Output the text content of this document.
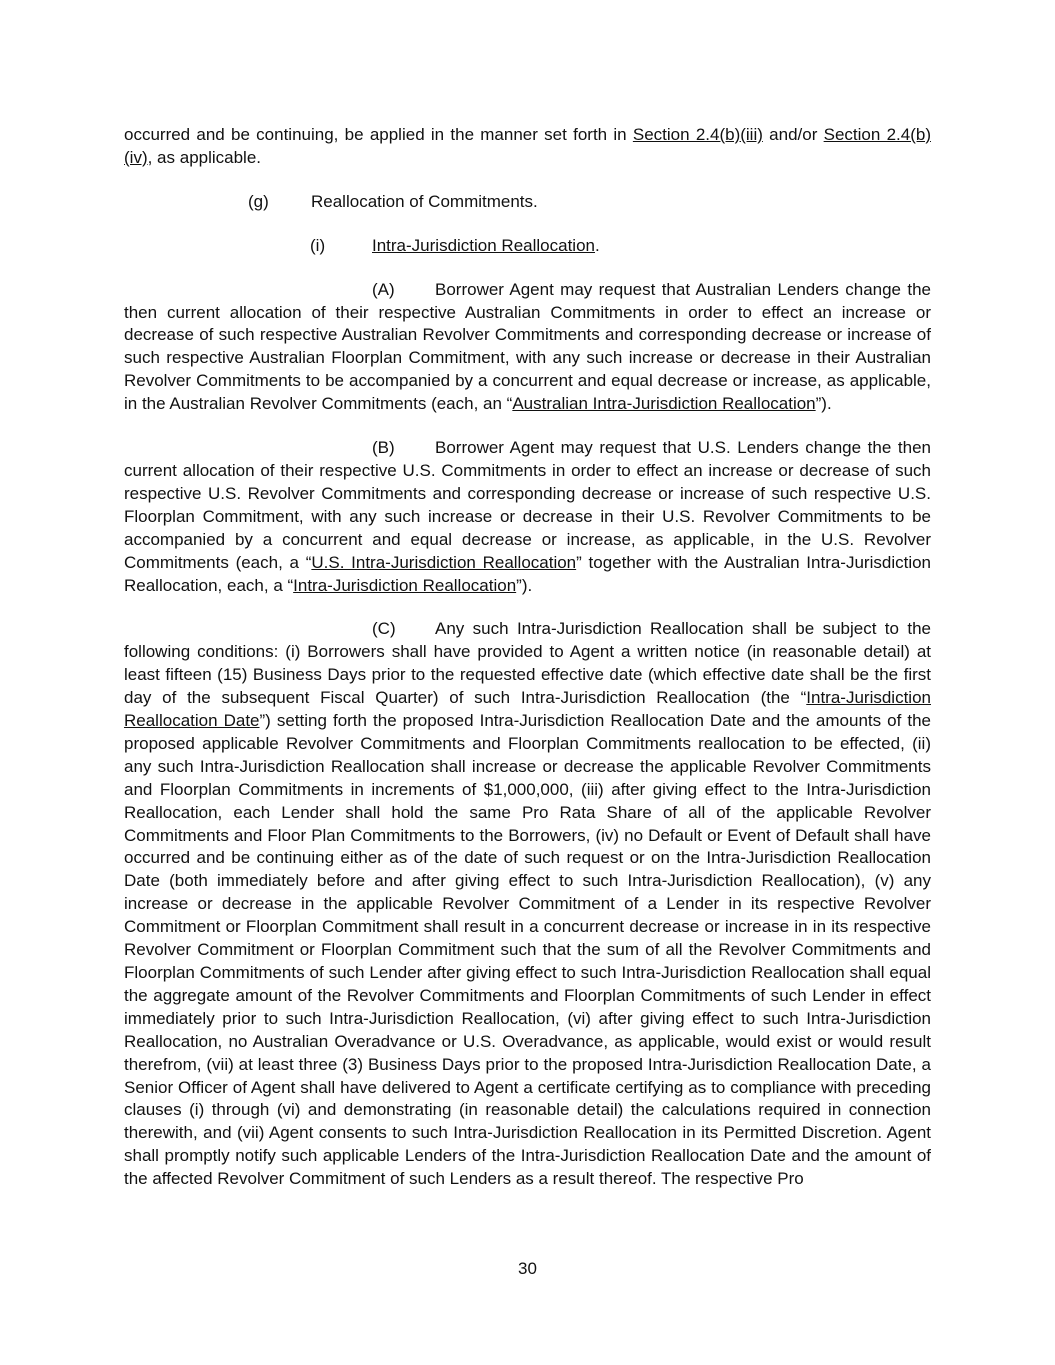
occurred and be continuing, be applied in the manner set forth in Section 2.4(b)(iii) and/or Section 2.4(b)(iv), as applicable.

(g) Reallocation of Commitments.

(i)	Intra-Jurisdiction Reallocation.

(A) Borrower Agent may request that Australian Lenders change the then current allocation of their respective Australian Commitments in order to effect an increase or decrease of such respective Australian Revolver Commitments and corresponding decrease or increase of such respective Australian Floorplan Commitment, with any such increase or decrease in their Australian Revolver Commitments to be accompanied by a concurrent and equal decrease or increase, as applicable, in the Australian Revolver Commitments (each, an “Australian Intra-Jurisdiction Reallocation”).

(B) Borrower Agent may request that U.S. Lenders change the then current allocation of their respective U.S. Commitments in order to effect an increase or decrease of such respective U.S. Revolver Commitments and corresponding decrease or increase of such respective U.S. Floorplan Commitment, with any such increase or decrease in their U.S. Revolver Commitments to be accompanied by a concurrent and equal decrease or increase, as applicable, in the U.S. Revolver Commitments (each, a “U.S. Intra-Jurisdiction Reallocation” together with the Australian Intra-Jurisdiction Reallocation, each, a “Intra-Jurisdiction Reallocation”).

(C) Any such Intra-Jurisdiction Reallocation shall be subject to the following conditions: (i) Borrowers shall have provided to Agent a written notice (in reasonable detail) at least fifteen (15) Business Days prior to the requested effective date (which effective date shall be the first day of the subsequent Fiscal Quarter) of such Intra-Jurisdiction Reallocation (the “Intra-Jurisdiction Reallocation Date”) setting forth the proposed Intra-Jurisdiction Reallocation Date and the amounts of the proposed applicable Revolver Commitments and Floorplan Commitments reallocation to be effected, (ii) any such Intra-Jurisdiction Reallocation shall increase or decrease the applicable Revolver Commitments and Floorplan Commitments in increments of $1,000,000, (iii) after giving effect to the Intra-Jurisdiction Reallocation, each Lender shall hold the same Pro Rata Share of all of the applicable Revolver Commitments and Floor Plan Commitments to the Borrowers, (iv) no Default or Event of Default shall have occurred and be continuing either as of the date of such request or on the Intra-Jurisdiction Reallocation Date (both immediately before and after giving effect to such Intra-Jurisdiction Reallocation), (v) any increase or decrease in the applicable Revolver Commitment of a Lender in its respective Revolver Commitment or Floorplan Commitment shall result in a concurrent decrease or increase in in its respective Revolver Commitment or Floorplan Commitment such that the sum of all the Revolver Commitments and Floorplan Commitments of such Lender after giving effect to such Intra-Jurisdiction Reallocation shall equal the aggregate amount of the Revolver Commitments and Floorplan Commitments of such Lender in effect immediately prior to such Intra-Jurisdiction Reallocation, (vi) after giving effect to such Intra-Jurisdiction Reallocation, no Australian Overadvance or U.S. Overadvance, as applicable, would exist or would result therefrom, (vii) at least three (3) Business Days prior to the proposed Intra-Jurisdiction Reallocation Date, a Senior Officer of Agent shall have delivered to Agent a certificate certifying as to compliance with preceding clauses (i) through (vi) and demonstrating (in reasonable detail) the calculations required in connection therewith, and (vii) Agent consents to such Intra-Jurisdiction Reallocation in its Permitted Discretion. Agent shall promptly notify such applicable Lenders of the Intra-Jurisdiction Reallocation Date and the amount of the affected Revolver Commitment of such Lenders as a result thereof. The respective Pro

30
